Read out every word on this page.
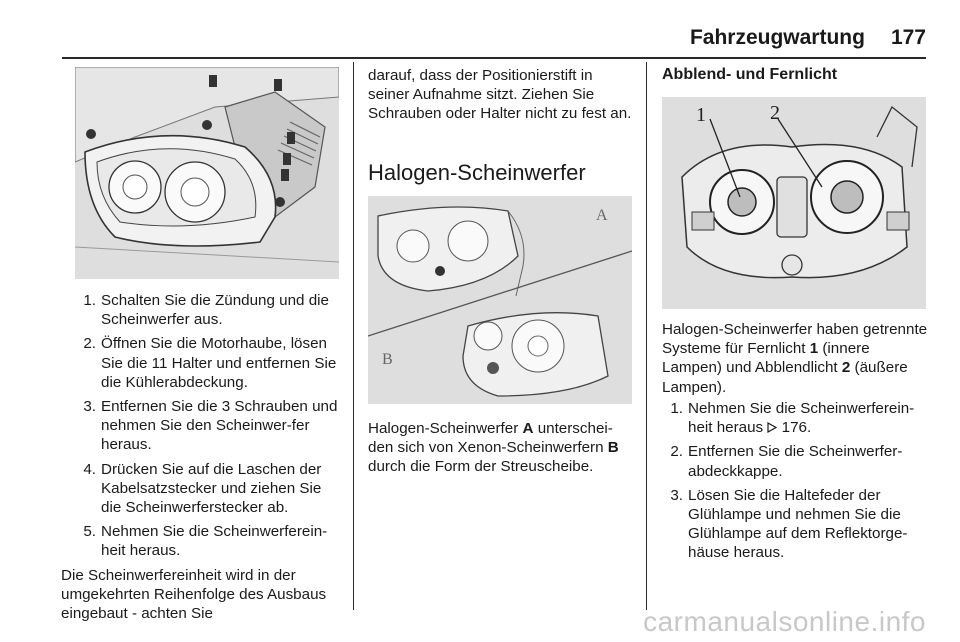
Fahrzeugwartung 177
1. Schalten Sie die Zündung und die Scheinwerfer aus.
2. Öffnen Sie die Motorhaube, lösen Sie die 11 Halter und entfernen Sie die Kühlerabdeckung.
3. Entfernen Sie die 3 Schrauben und nehmen Sie den Scheinwer-fer heraus.
4. Drücken Sie auf die Laschen der Kabelsatzstecker und ziehen Sie die Scheinwerferstecker ab.
5. Nehmen Sie die Scheinwerferein-heit heraus.

Die Scheinwerfereinheit wird in der umgekehrten Reihenfolge des Ausbaus eingebaut - achten Sie

darauf, dass der Positionierstift in seiner Aufnahme sitzt. Ziehen Sie Schrauben oder Halter nicht zu fest an.

Halogen-Scheinwerfer
A
B

Halogen-Scheinwerfer A unterschei-den sich von Xenon-Scheinwerfern B durch die Form der Streuscheibe.

Abblend- und Fernlicht
1	2

Halogen-Scheinwerfer haben getrennte Systeme für Fernlicht 1 (innere Lampen) und Abblendlicht 2 (äußere Lampen).

1. Nehmen Sie die Scheinwerferein-heit heraus 176.
2. Entfernen Sie die Scheinwerfer-abdeckkappe.
3. Lösen Sie die Haltefeder der Glühlampe und nehmen Sie die Glühlampe auf dem Reflektorge-häuse heraus.
carmanualsonline.info
